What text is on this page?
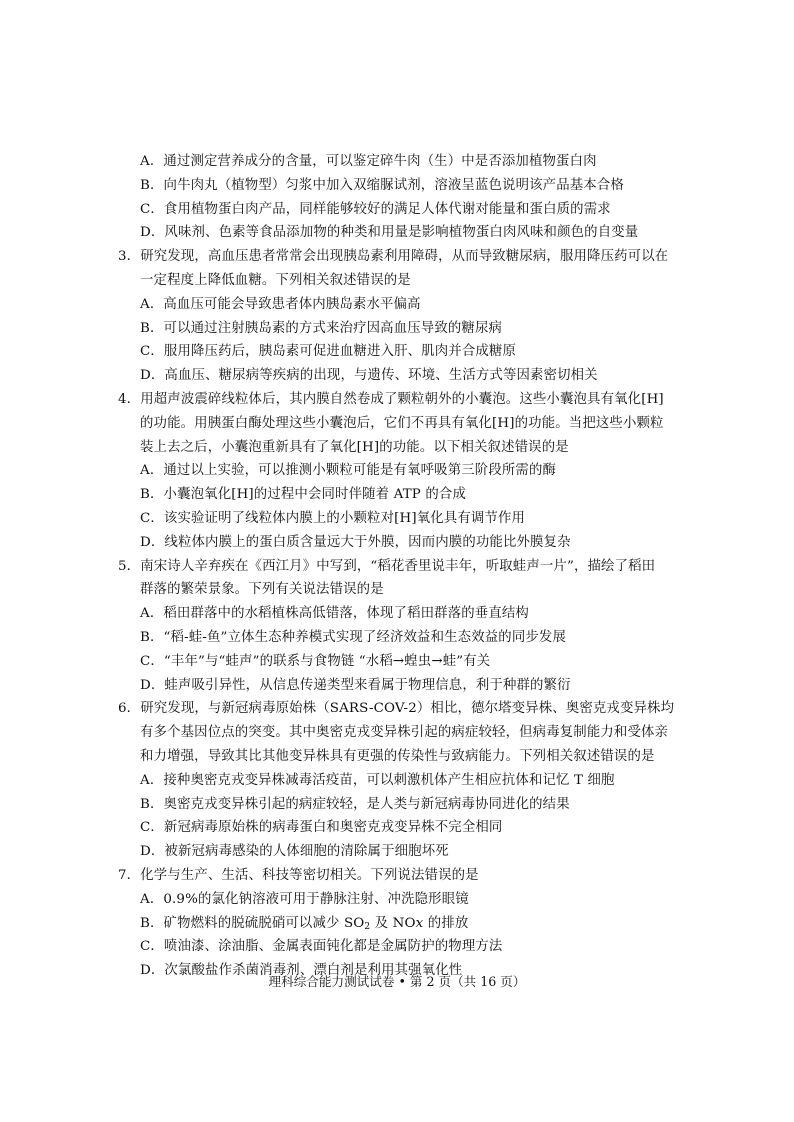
A．通过测定营养成分的含量，可以鉴定碎牛肉（生）中是否添加植物蛋白肉
B．向牛肉丸（植物型）匀浆中加入双缩脲试剂，溶液呈蓝色说明该产品基本合格
C．食用植物蛋白肉产品，同样能够较好的满足人体代谢对能量和蛋白质的需求
D．风味剂、色素等食品添加物的种类和用量是影响植物蛋白肉风味和颜色的自变量
3．研究发现，高血压患者常常会出现胰岛素利用障碍，从而导致糖尿病，服用降压药可以在
一定程度上降低血糖。下列相关叙述错误的是
A．高血压可能会导致患者体内胰岛素水平偏高
B．可以通过注射胰岛素的方式来治疗因高血压导致的糖尿病
C．服用降压药后，胰岛素可促进血糖进入肝、肌肉并合成糖原
D．高血压、糖尿病等疾病的出现，与遗传、环境、生活方式等因素密切相关
4．用超声波震碎线粒体后，其内膜自然卷成了颗粒朝外的小囊泡。这些小囊泡具有氧化[H]
的功能。用胰蛋白酶处理这些小囊泡后，它们不再具有氧化[H]的功能。当把这些小颗粒
装上去之后，小囊泡重新具有了氧化[H]的功能。以下相关叙述错误的是
A．通过以上实验，可以推测小颗粒可能是有氧呼吸第三阶段所需的酶
B．小囊泡氧化[H]的过程中会同时伴随着 ATP 的合成
C．该实验证明了线粒体内膜上的小颗粒对[H]氧化具有调节作用
D．线粒体内膜上的蛋白质含量远大于外膜，因而内膜的功能比外膜复杂
5．南宋诗人辛弃疾在《西江月》中写到，“稻花香里说丰年，听取蛙声一片”，描绘了稻田
群落的繁荣景象。下列有关说法错误的是
A．稻田群落中的水稻植株高低错落，体现了稻田群落的垂直结构
B．“稻-蛙-鱼”立体生态种养模式实现了经济效益和生态效益的同步发展
C．“丰年”与“蛙声”的联系与食物链 “水稻→蝗虫→蛙”有关
D．蛙声吸引异性，从信息传递类型来看属于物理信息，利于种群的繁衍
6．研究发现，与新冠病毒原始株（SARS-COV-2）相比，德尔塔变异株、奥密克戎变异株均
有多个基因位点的突变。其中奥密克戎变异株引起的病症较轻，但病毒复制能力和受体亲
和力增强，导致其比其他变异株具有更强的传染性与致病能力。下列相关叙述错误的是
A．接种奥密克戎变异株减毒活疫苗，可以刺激机体产生相应抗体和记忆 T 细胞
B．奥密克戎变异株引起的病症较轻，是人类与新冠病毒协同进化的结果
C．新冠病毒原始株的病毒蛋白和奥密克戎变异株不完全相同
D．被新冠病毒感染的人体细胞的清除属于细胞坏死
7．化学与生产、生活、科技等密切相关。下列说法错误的是
A．0.9%的氯化钠溶液可用于静脉注射、冲洗隐形眼镜
B．矿物燃料的脱硫脱硝可以减少 $SO_2$ 及 NOx 的排放
C．喷油漆、涂油脂、金属表面钝化都是金属防护的物理方法
D．次氯酸盐作杀菌消毒剂、漂白剂是利用其强氧化性
理科综合能力测试试卷 • 第 2 页（共 16 页）
